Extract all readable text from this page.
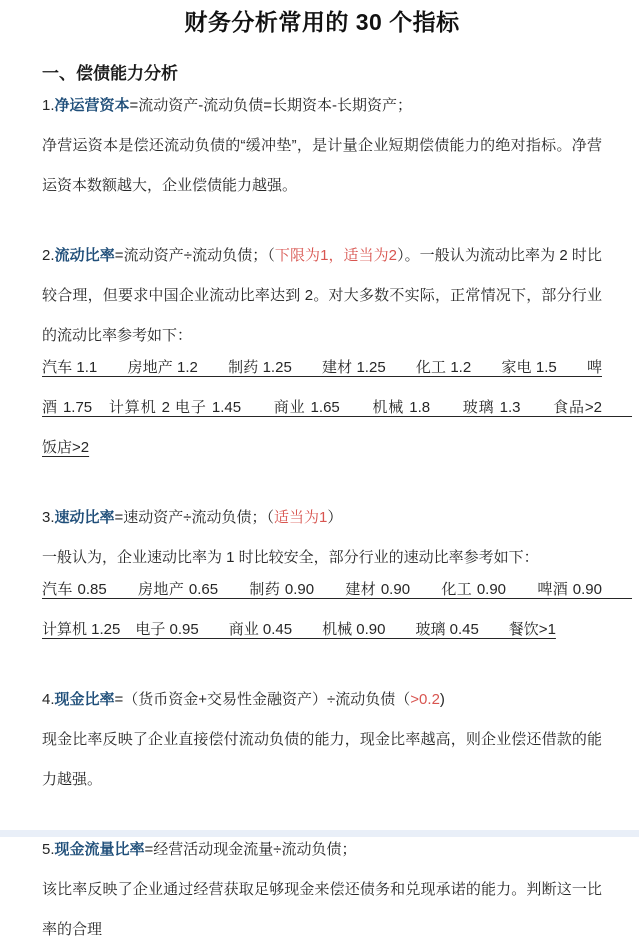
财务分析常用的 30 个指标
一、偿债能力分析

1.净运营资本=流动资产-流动负债=长期资本-长期资产；

净营运资本是偿还流动负债的“缓冲垫”，是计量企业短期偿债能力的绝对指标。净营运资本数额越大，企业偿债能力越强。

2.流动比率=流动资产÷流动负债；（下限为1，适当为2）。一般认为流动比率为 2 时比较合理，但要求中国企业流动比率达到 2。对大多数不实际，正常情况下，部分行业的流动比率参考如下：

汽车 1.1　　房地产 1.2　　制药 1.25　　建材 1.25　　化工 1.2　　家电 1.5　　啤酒 1.75　计算机 2 电子 1.45　　商业 1.65　　机械 1.8　　玻璃 1.3　　食品>2　　饭店>2

3.速动比率=速动资产÷流动负债；（适当为1）

一般认为，企业速动比率为 1 时比较安全，部分行业的速动比率参考如下：

汽车 0.85　　房地产 0.65　　制药 0.90　　建材 0.90　　化工 0.90　　啤酒 0.90　　计算机 1.25　电子 0.95　　商业 0.45　　机械 0.90　　玻璃 0.45　　餐饮>1

4.现金比率=（货币资金+交易性金融资产）÷流动负债（>0.2)

现金比率反映了企业直接偿付流动负债的能力，现金比率越高，则企业偿还借款的能力越强。

5.现金流量比率=经营活动现金流量÷流动负债；

该比率反映了企业通过经营获取足够现金来偿还债务和兑现承诺的能力。判断这一比率的合理
